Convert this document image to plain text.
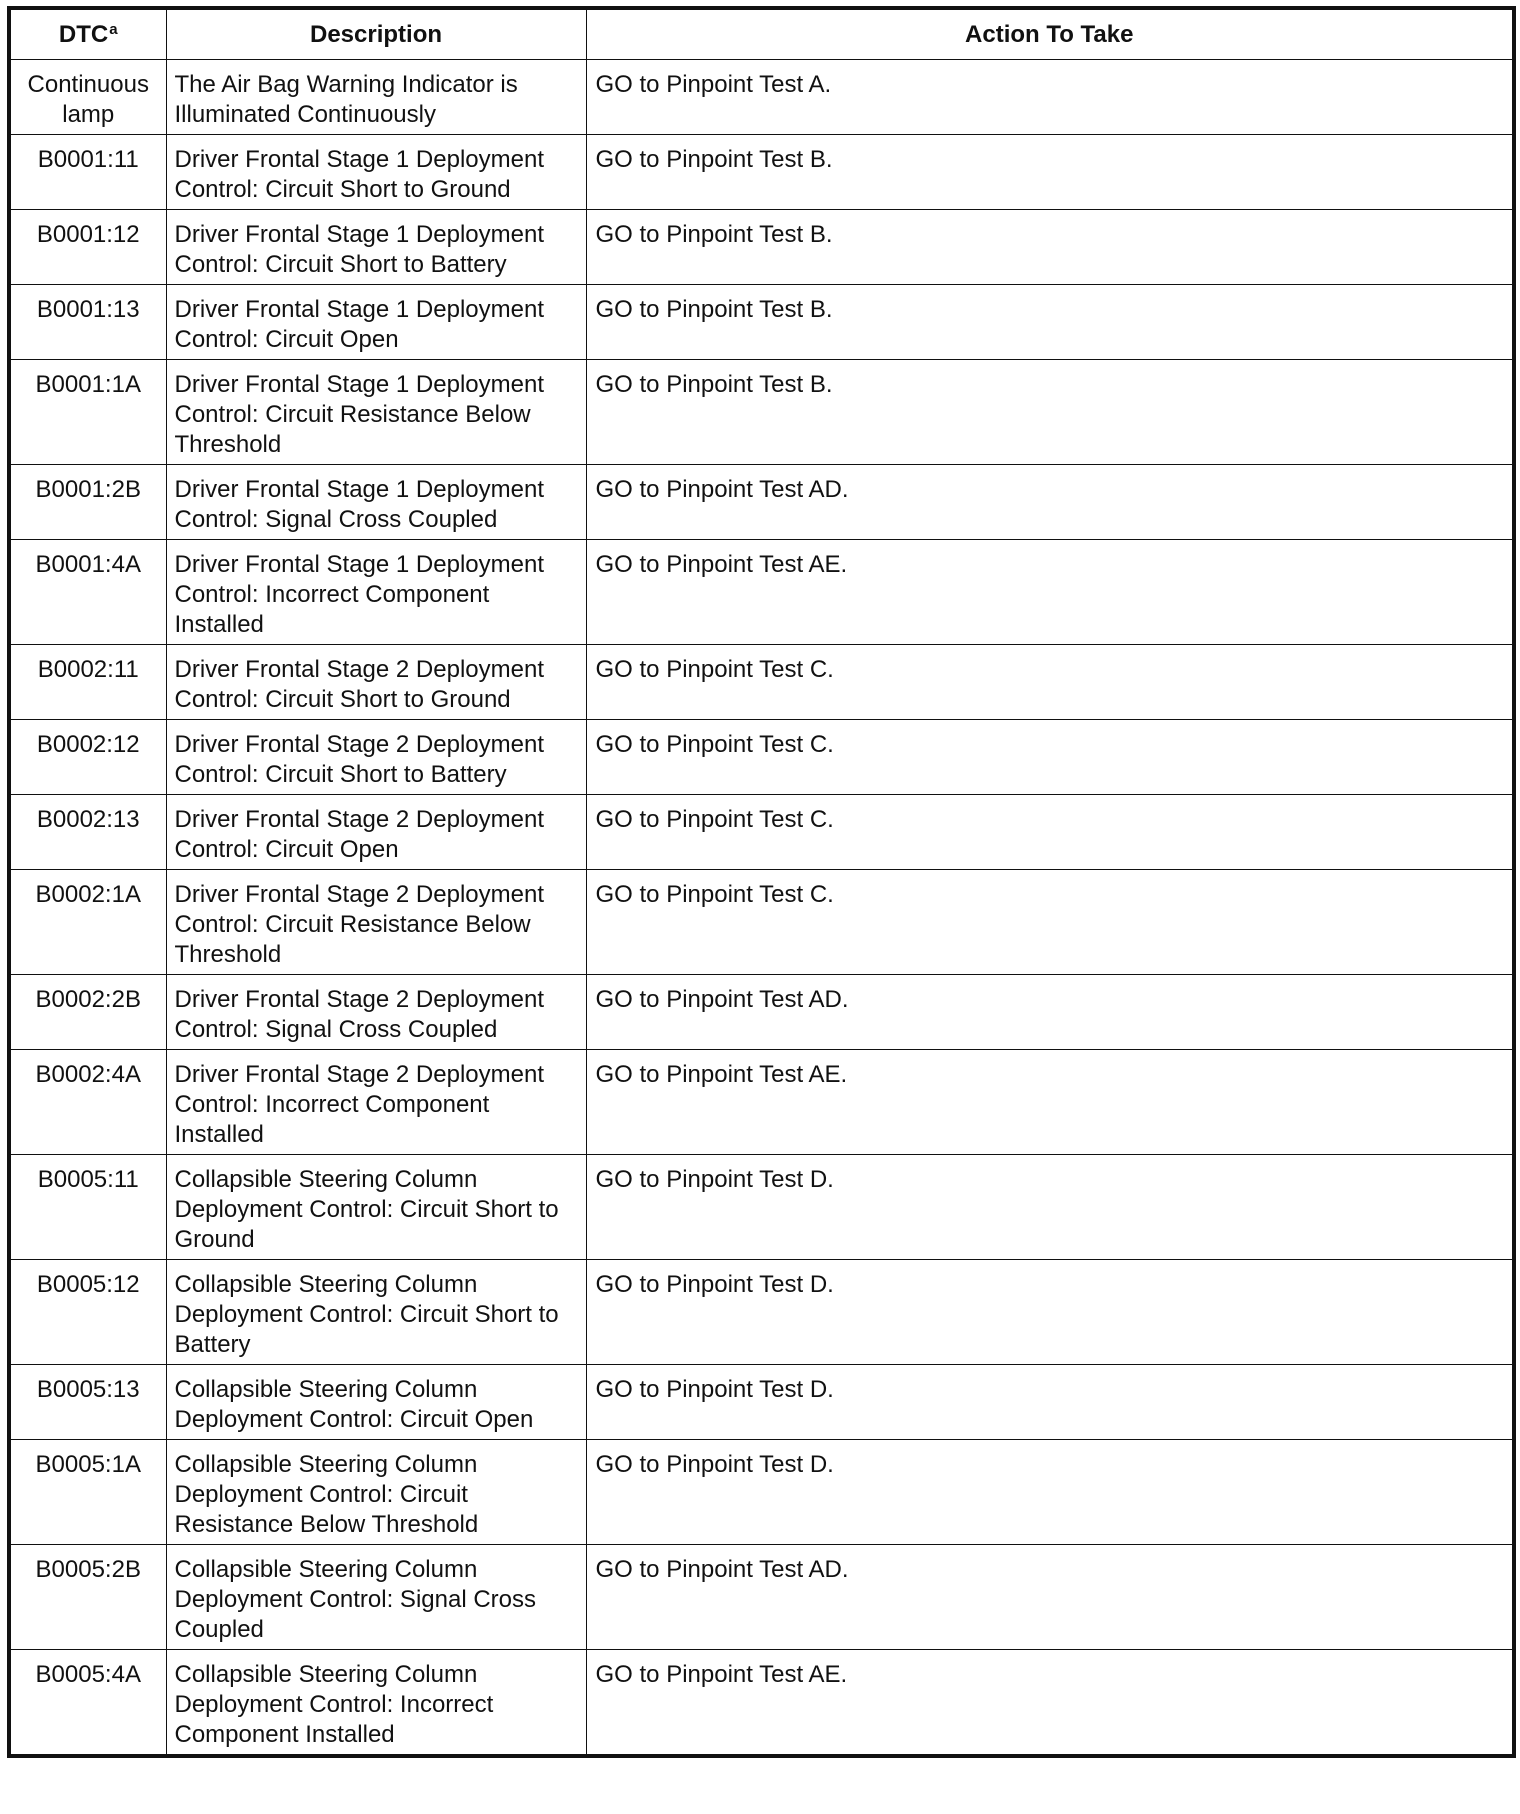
DTC$^a$	Description	Action To Take
Continuous lamp	The Air Bag Warning Indicator is Illuminated Continuously	GO to Pinpoint Test A.
B0001:11	Driver Frontal Stage 1 Deployment Control: Circuit Short to Ground	GO to Pinpoint Test B.
B0001:12	Driver Frontal Stage 1 Deployment Control: Circuit Short to Battery	GO to Pinpoint Test B.
B0001:13	Driver Frontal Stage 1 Deployment Control: Circuit Open	GO to Pinpoint Test B.
B0001:1A	Driver Frontal Stage 1 Deployment Control: Circuit Resistance Below Threshold	GO to Pinpoint Test B.
B0001:2B	Driver Frontal Stage 1 Deployment Control: Signal Cross Coupled	GO to Pinpoint Test AD.
B0001:4A	Driver Frontal Stage 1 Deployment Control: Incorrect Component Installed	GO to Pinpoint Test AE.
B0002:11	Driver Frontal Stage 2 Deployment Control: Circuit Short to Ground	GO to Pinpoint Test C.
B0002:12	Driver Frontal Stage 2 Deployment Control: Circuit Short to Battery	GO to Pinpoint Test C.
B0002:13	Driver Frontal Stage 2 Deployment Control: Circuit Open	GO to Pinpoint Test C.
B0002:1A	Driver Frontal Stage 2 Deployment Control: Circuit Resistance Below Threshold	GO to Pinpoint Test C.
B0002:2B	Driver Frontal Stage 2 Deployment Control: Signal Cross Coupled	GO to Pinpoint Test AD.
B0002:4A	Driver Frontal Stage 2 Deployment Control: Incorrect Component Installed	GO to Pinpoint Test AE.
B0005:11	Collapsible Steering Column Deployment Control: Circuit Short to Ground	GO to Pinpoint Test D.
B0005:12	Collapsible Steering Column Deployment Control: Circuit Short to Battery	GO to Pinpoint Test D.
B0005:13	Collapsible Steering Column Deployment Control: Circuit Open	GO to Pinpoint Test D.
B0005:1A	Collapsible Steering Column Deployment Control: Circuit Resistance Below Threshold	GO to Pinpoint Test D.
B0005:2B	Collapsible Steering Column Deployment Control: Signal Cross Coupled	GO to Pinpoint Test AD.
B0005:4A	Collapsible Steering Column Deployment Control: Incorrect Component Installed	GO to Pinpoint Test AE.
